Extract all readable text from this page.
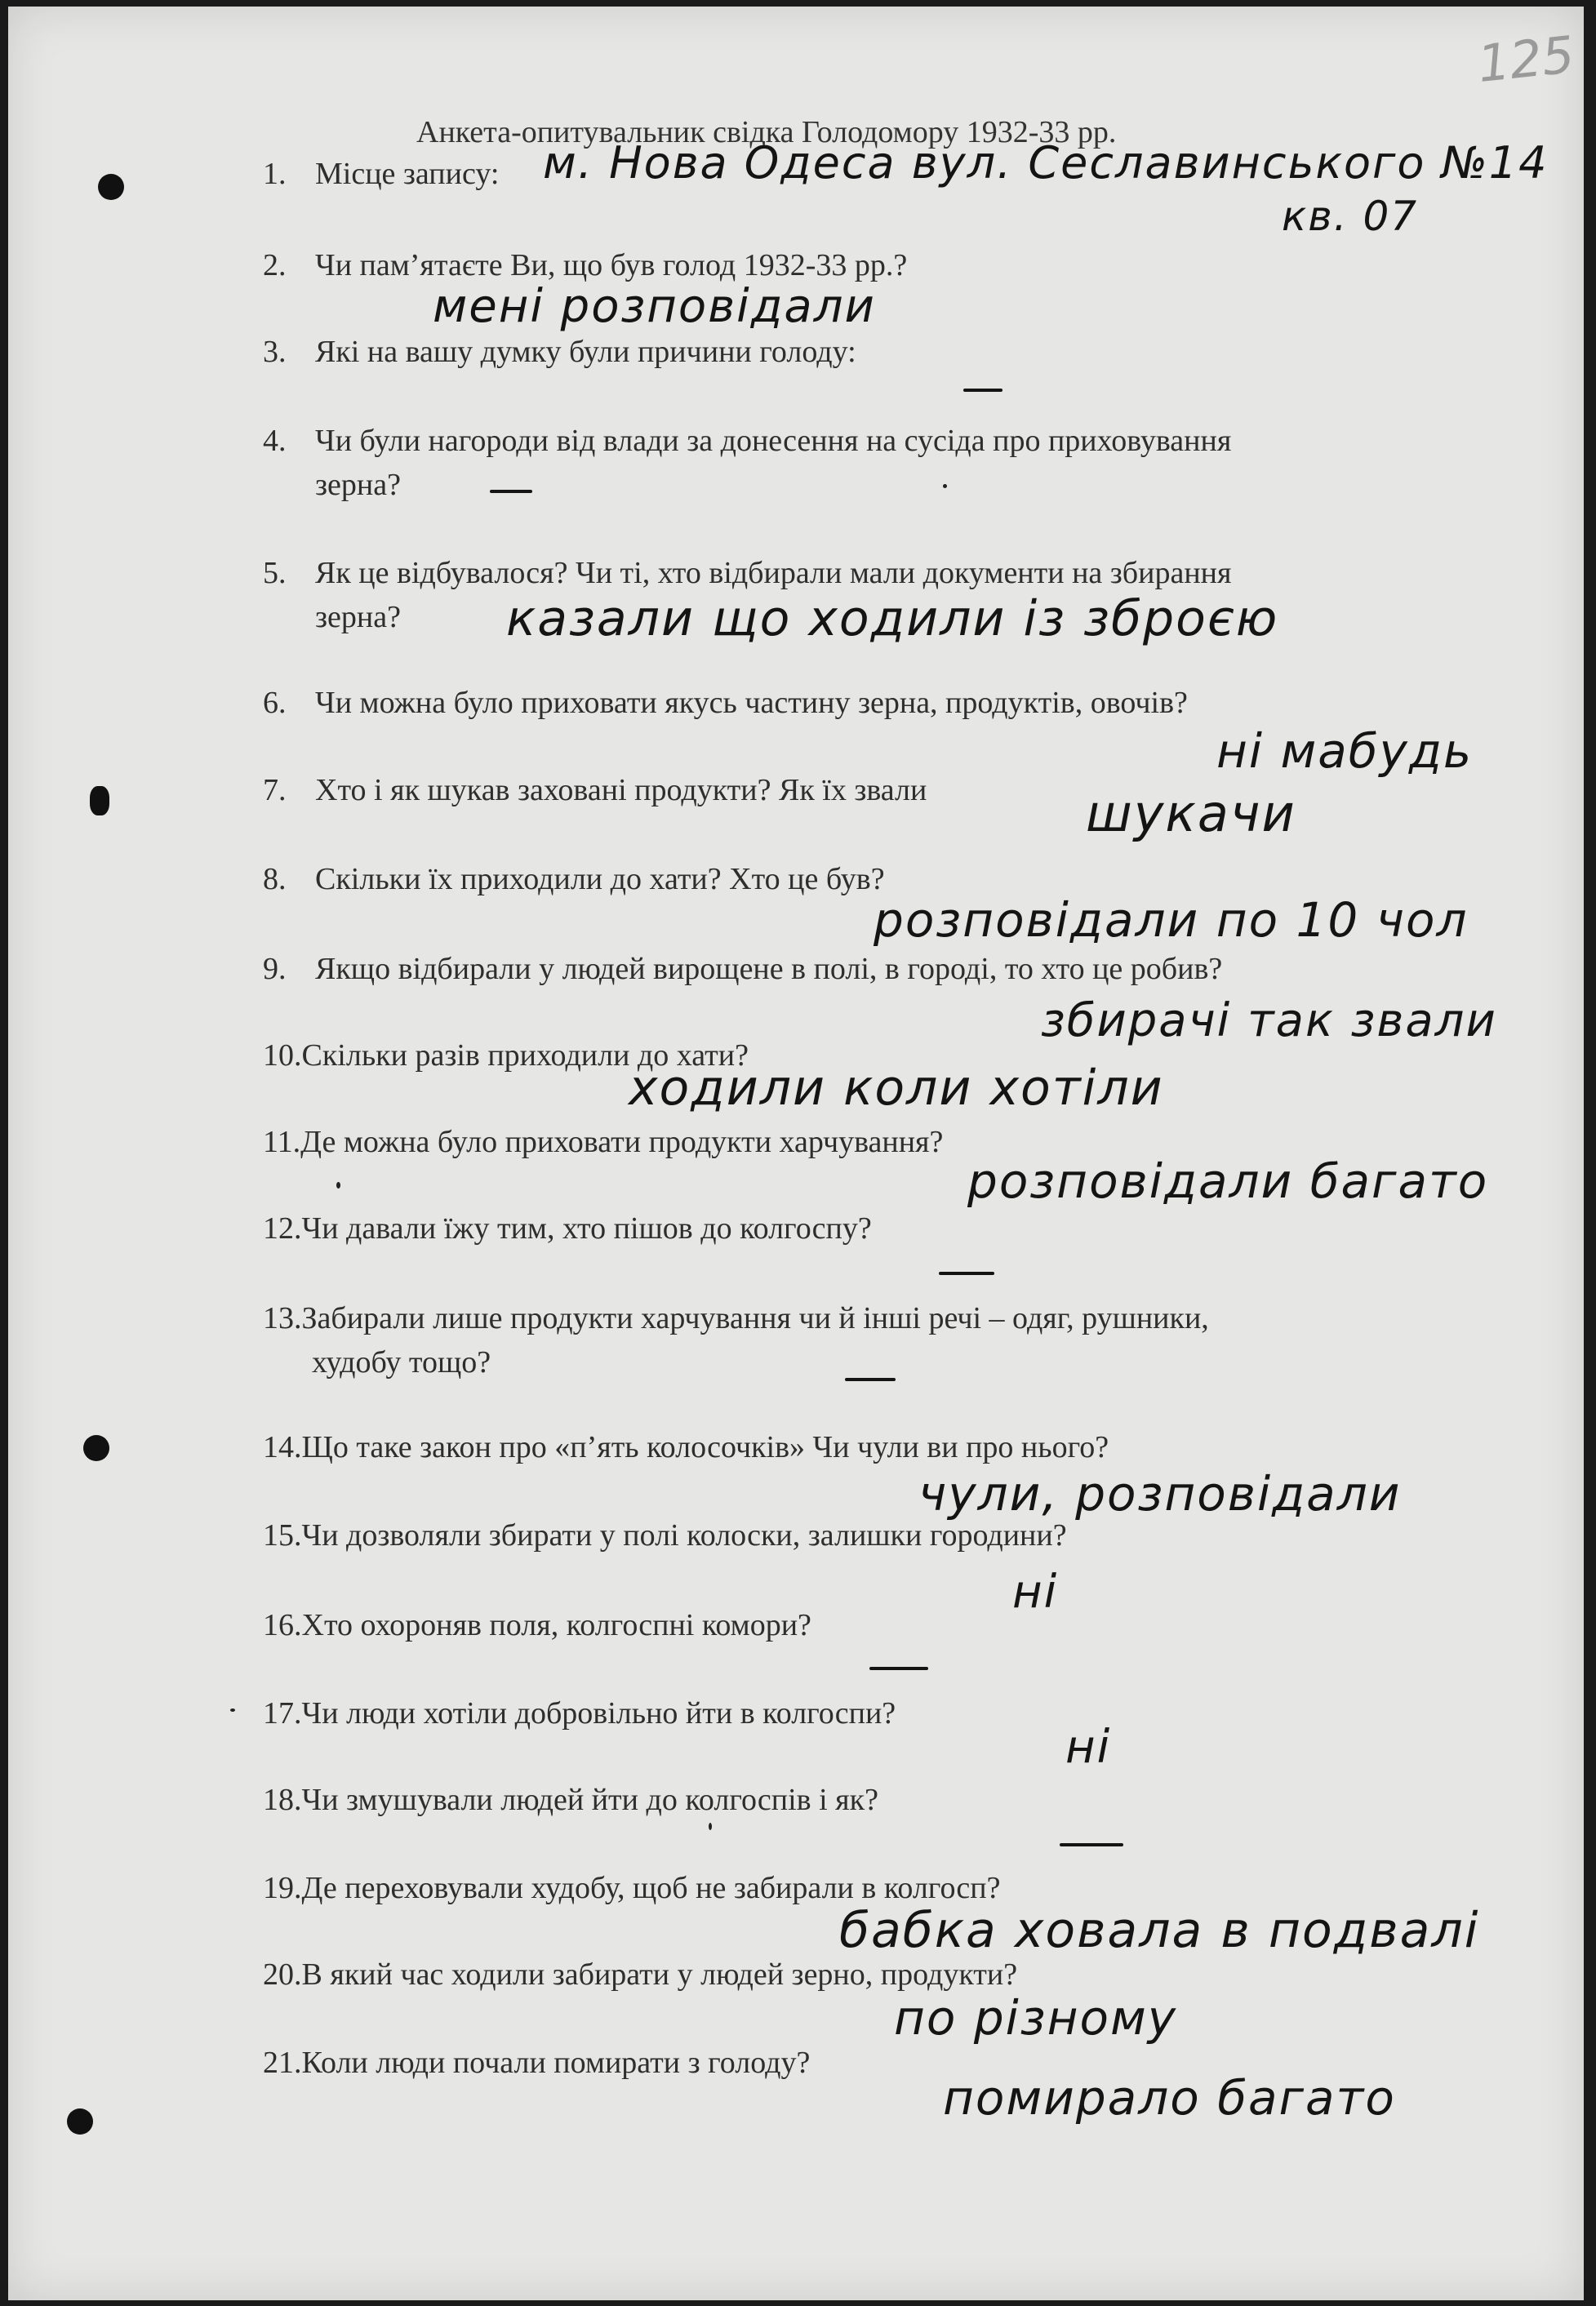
125
Анкета-опитувальник свідка Голодомору 1932-33 рр.
1. Місце запису:
2. Чи пам’ятаєте Ви, що був голод 1932-33 рр.?
3. Які на вашу думку були причини голоду:
4. Чи були нагороди від влади за донесення на сусіда про приховування
зерна?
5. Як це відбувалося? Чи ті, хто відбирали мали документи на збирання
зерна?
6. Чи можна було приховати якусь частину зерна, продуктів, овочів?
7. Хто і як шукав заховані продукти? Як їх звали
8. Скільки їх приходили до хати? Хто це був?
9. Якщо відбирали у людей вирощене в полі, в городі, то хто це робив?
10.Скільки разів приходили до хати?
11.Де можна було приховати продукти харчування?
12.Чи давали їжу тим, хто пішов до колгоспу?
13.Забирали лише продукти харчування чи й інші речі – одяг, рушники,
худобу тощо?
14.Що таке закон про «п’ять колосочків» Чи чули ви про нього?
15.Чи дозволяли збирати у полі колоски, залишки городини?
16.Хто охороняв поля, колгоспні комори?
17.Чи люди хотіли добровільно йти в колгоспи?
18.Чи змушували людей йти до колгоспів і як?
19.Де переховували худобу, щоб не забирали в колгосп?
20.В який час ходили забирати у людей зерно, продукти?
21.Коли люди почали помирати з голоду?
м. Нова Одеса вул. Сеславинського №14
кв. 07
мені розповідали
казали що ходили із зброєю
ні мабудь
шукачи
розповідали по 10 чол
збирачі так звали
ходили коли хотіли
розповідали багато
чули, розповідали
ні
ні
бабка ховала в подвалі
по різному
помирало багато
